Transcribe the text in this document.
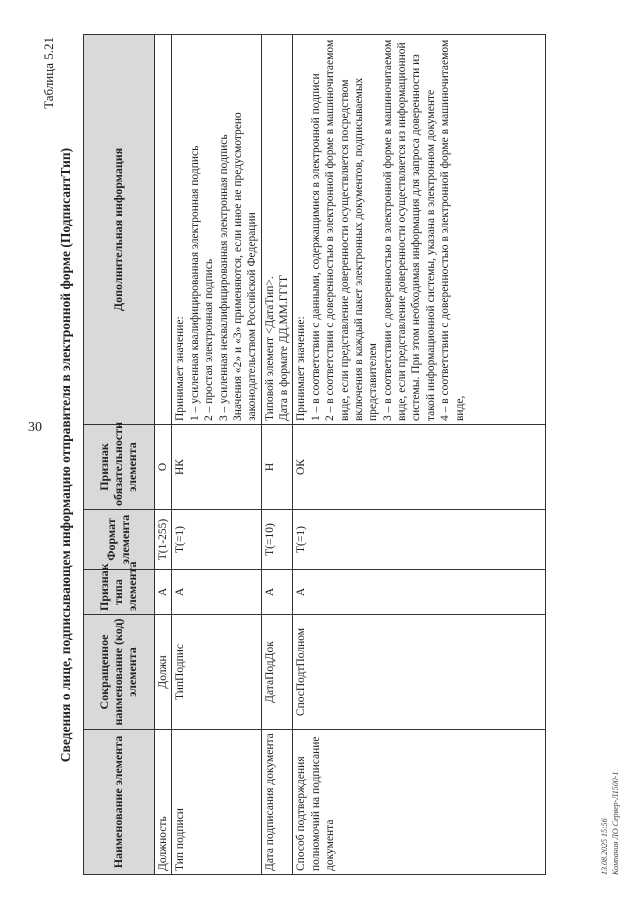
30
Таблица 5.21
Сведения о лице, подписывающем информацию отправителя в электронной форме (ПодписантТип)
Наименование элемента	Сокращенное наименование (код) элемента	Признак типа элемента	Формат элемента	Признак обязательности элемента	Дополнительная информация
Должность	Должн	А	T(1-255)	О	
Тип подписи	ТипПодпис	А	T(=1)	НК	Принимает значение: 1 – усиленная квалифицированная электронная подпись 2 – простая электронная подпись 3 – усиленная неквалифицированная электронная подпись Значения «2» и «3» применяются, если иное не предусмотрено законодательством Российской Федерации

Дата подписания документа	ДатаПодДок	А	T(=10)	Н	Типовой элемент <ДатаТип>. Дата в формате ДД.ММ.ГГГГ

Способ подтверждения полномочий на подписание документа	СпосПодтПолном	А	T(=1)	ОК	Принимает значение: 1 – в соответствии с данными, содержащимися в электронной подписи 2 – в соответствии с доверенностью в электронной форме в машиночитаемом виде, если представление доверенности осуществляется посредством включения в каждый пакет электронных документов, подписываемых представителем 3 – в соответствии с доверенностью в электронной форме в машиночитаемом виде, если представление доверенности осуществляется из информационной системы. При этом необходимая информация для запроса доверенности из такой информационной системы, указана в электронном документе 4 – в соответствии с доверенностью в электронной форме в машиночитаемом виде,
13.08.2025 15:56 Компания ЛО Сервер-Л1500-1
